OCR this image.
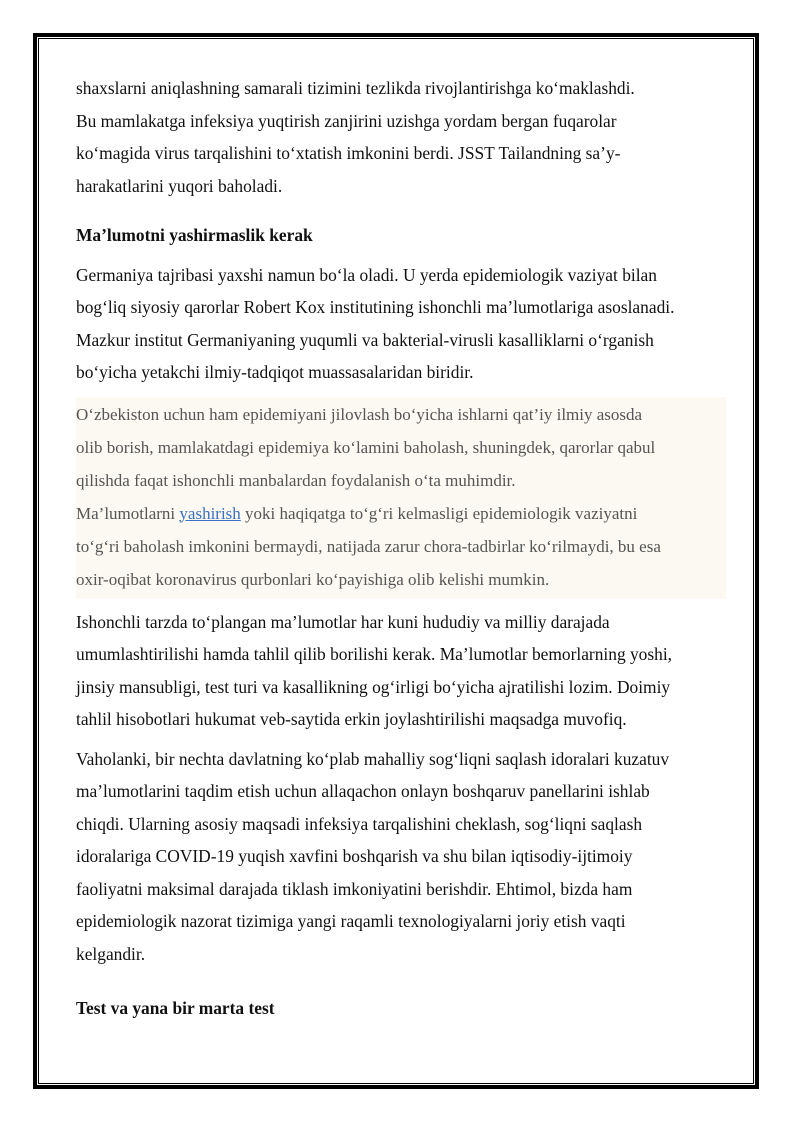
shaxslarni aniqlashning samarali tizimini tezlikda rivojlantirishga ko‘maklashdi.
Bu mamlakatga infeksiya yuqtirish zanjirini uzishga yordam bergan fuqarolar
ko‘magida virus tarqalishini to‘xtatish imkonini berdi. JSST Tailandning sa’y-
harakatlarini yuqori baholadi.

Ma’lumotni yashirmaslik kerak

Germaniya tajribasi yaxshi namun bo‘la oladi. U yerda epidemiologik vaziyat bilan
bog‘liq siyosiy qarorlar Robert Kox institutining ishonchli ma’lumotlariga asoslanadi.
Mazkur institut Germaniyaning yuqumli va bakterial-virusli kasalliklarni o‘rganish
bo‘yicha yetakchi ilmiy-tadqiqot muassasalaridan biridir.

O‘zbekiston uchun ham epidemiyani jilovlash bo‘yicha ishlarni qat’iy ilmiy asosda
olib borish, mamlakatdagi epidemiya ko‘lamini baholash, shuningdek, qarorlar qabul
qilishda faqat ishonchli manbalardan foydalanish o‘ta muhimdir.
Ma’lumotlarni yashirish yoki haqiqatga to‘g‘ri kelmasligi epidemiologik vaziyatni
to‘g‘ri baholash imkonini bermaydi, natijada zarur chora-tadbirlar ko‘rilmaydi, bu esa
oxir-oqibat koronavirus qurbonlari ko‘payishiga olib kelishi mumkin.

Ishonchli tarzda to‘plangan ma’lumotlar har kuni hududiy va milliy darajada
umumlashtirilishi hamda tahlil qilib borilishi kerak. Ma’lumotlar bemorlarning yoshi,
jinsiy mansubligi, test turi va kasallikning og‘irligi bo‘yicha ajratilishi lozim. Doimiy
tahlil hisobotlari hukumat veb-saytida erkin joylashtirilishi maqsadga muvofiq.

Vaholanki, bir nechta davlatning ko‘plab mahalliy sog‘liqni saqlash idoralari kuzatuv
ma’lumotlarini taqdim etish uchun allaqachon onlayn boshqaruv panellarini ishlab
chiqdi. Ularning asosiy maqsadi infeksiya tarqalishini cheklash, sog‘liqni saqlash
idoralariga COVID-19 yuqish xavfini boshqarish va shu bilan iqtisodiy-ijtimoiy
faoliyatni maksimal darajada tiklash imkoniyatini berishdir. Ehtimol, bizda ham
epidemiologik nazorat tizimiga yangi raqamli texnologiyalarni joriy etish vaqti
kelgandir.

Test va yana bir marta test
